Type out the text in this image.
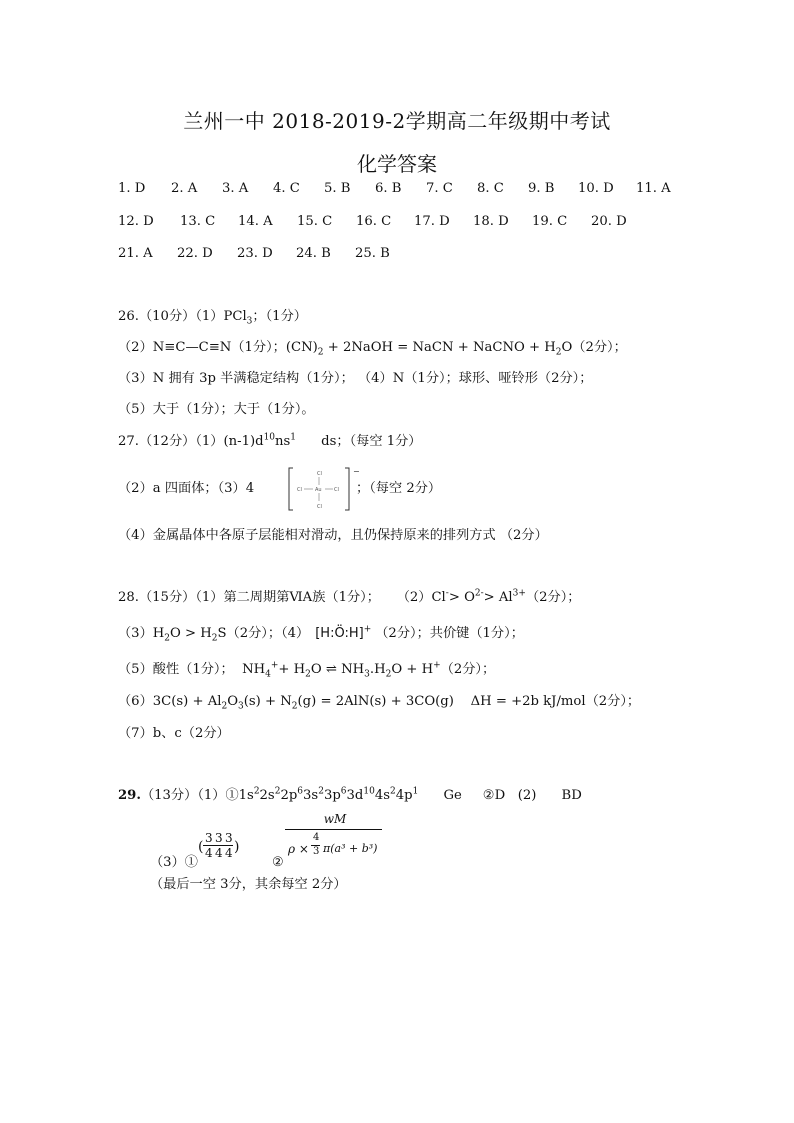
兰州一中 2018-2019-2学期高二年级期中考试
化学答案
1. D 2. A 3. A 4. C 5. B 6. B 7. C 8. C 9. B 10. D 11. A
12. D 13. C 14. A 15. C 16. C 17. D 18. D 19. C 20. D
21. A 22. D 23. D 24. B 25. B
26.（10分）（1）PCl$_3$；（1分）
（2）N≡C—C≡N（1分）；$(CN)_2$ + 2NaOH = NaCN + NaCNO + $H_2O(2$分）；
（3）N 拥有 3p 半满稳定结构（1分）； （4）N（1分）；球形、哑铃形（2分）；
（5）大于（1分）；大于（1分）。
27.（12分）$(1)(n-1)d^{10}ns^1$      ds；（每空 1分）
（2）a 四面体；（3）4
−
Cl
Cl	Au Cl
Cl
；（每空 2分）
（4）金属晶体中各原子层能相对滑动，且仍保持原来的排列方式 （2分）
28.（15分）（1）第二周期第ⅥA族（1分）；    $(2)Cl^-> O^{2-}> Al^{3+}(2$分）；
$(3)H_2O > H_2S(2$分）；（4） [H:Ö:H]+ （2分）；共价键（1分）；
（5）酸性（1分）；  $NH_4^++ H_2O$ ⇌ $NH_3.H_2O + H^+(2$分）；
$(6)3C(s) + Al_2O_3(s) + N_2(g) = 2AlN(s) + 3CO(g)$    ΔH = +2b kJ/mol（2分）；
（7）b、c（2分）
29.（13分）$(1)①1s^22s^22p^63s^23p^63d^{10}4s^24p^1$      Ge     ②D   (2)      BD
（3）①
(
3
4
3
4
3
4 )
②
wM
ρ ×
4
3 π(a³ + b³)
（最后一空 3分，其余每空 2分）
